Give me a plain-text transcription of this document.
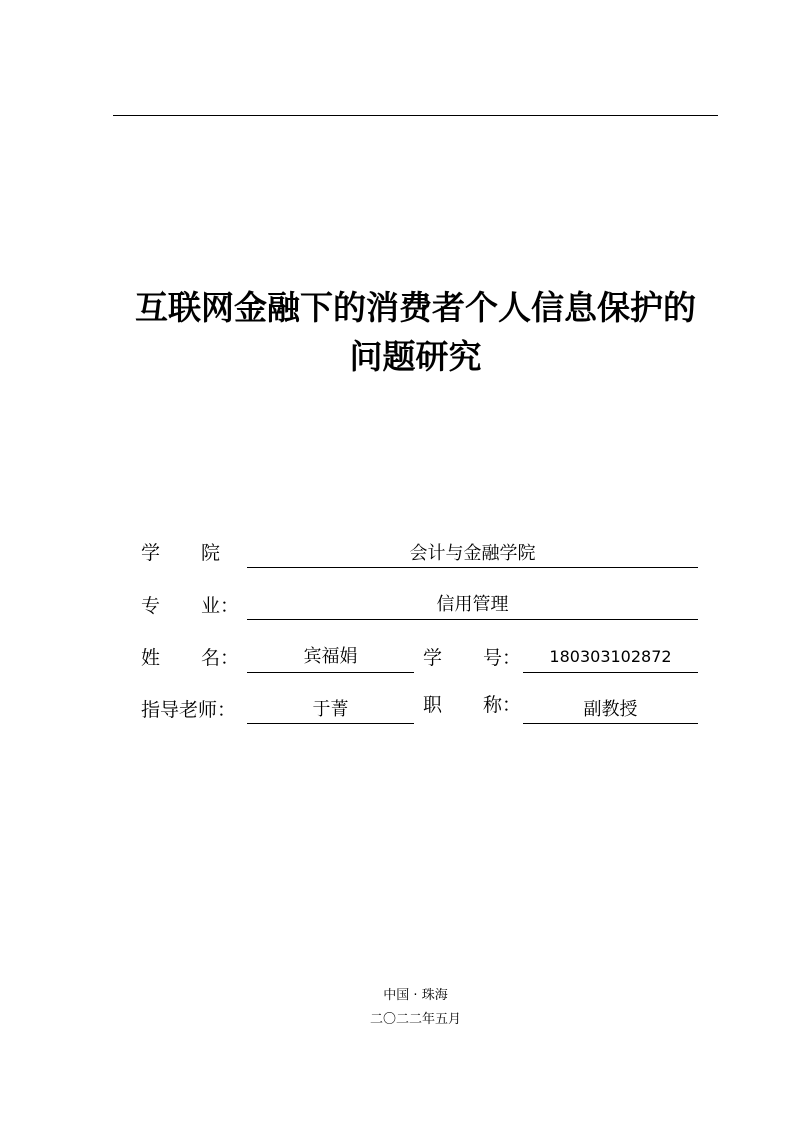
互联网金融下的消费者个人信息保护的
问题研究
学 院	会计与金融学院
专 业：	信用管理
姓 名：	宾福娟	学 号：	180303102872
指导老师：	于菁	职 称：	副教授
中国 · 珠海
二〇二二年五月
